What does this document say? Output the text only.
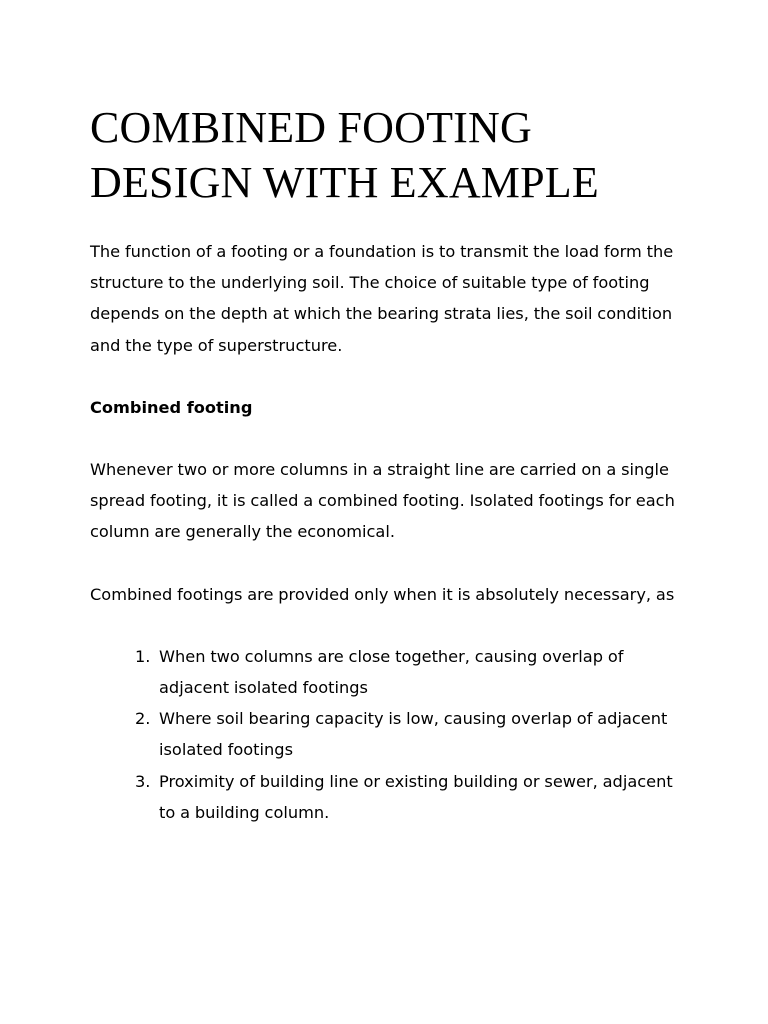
COMBINED FOOTING DESIGN WITH EXAMPLE

The function of a footing or a foundation is to transmit the load form the structure to the underlying soil. The choice of suitable type of footing depends on the depth at which the bearing strata lies, the soil condition and the type of superstructure.

Combined footing

Whenever two or more columns in a straight line are carried on a single spread footing, it is called a combined footing. Isolated footings for each column are generally the economical.

Combined footings are provided only when it is absolutely necessary, as

1. When two columns are close together, causing overlap of adjacent isolated footings
2. Where soil bearing capacity is low, causing overlap of adjacent isolated footings
3. Proximity of building line or existing building or sewer, adjacent to a building column.
